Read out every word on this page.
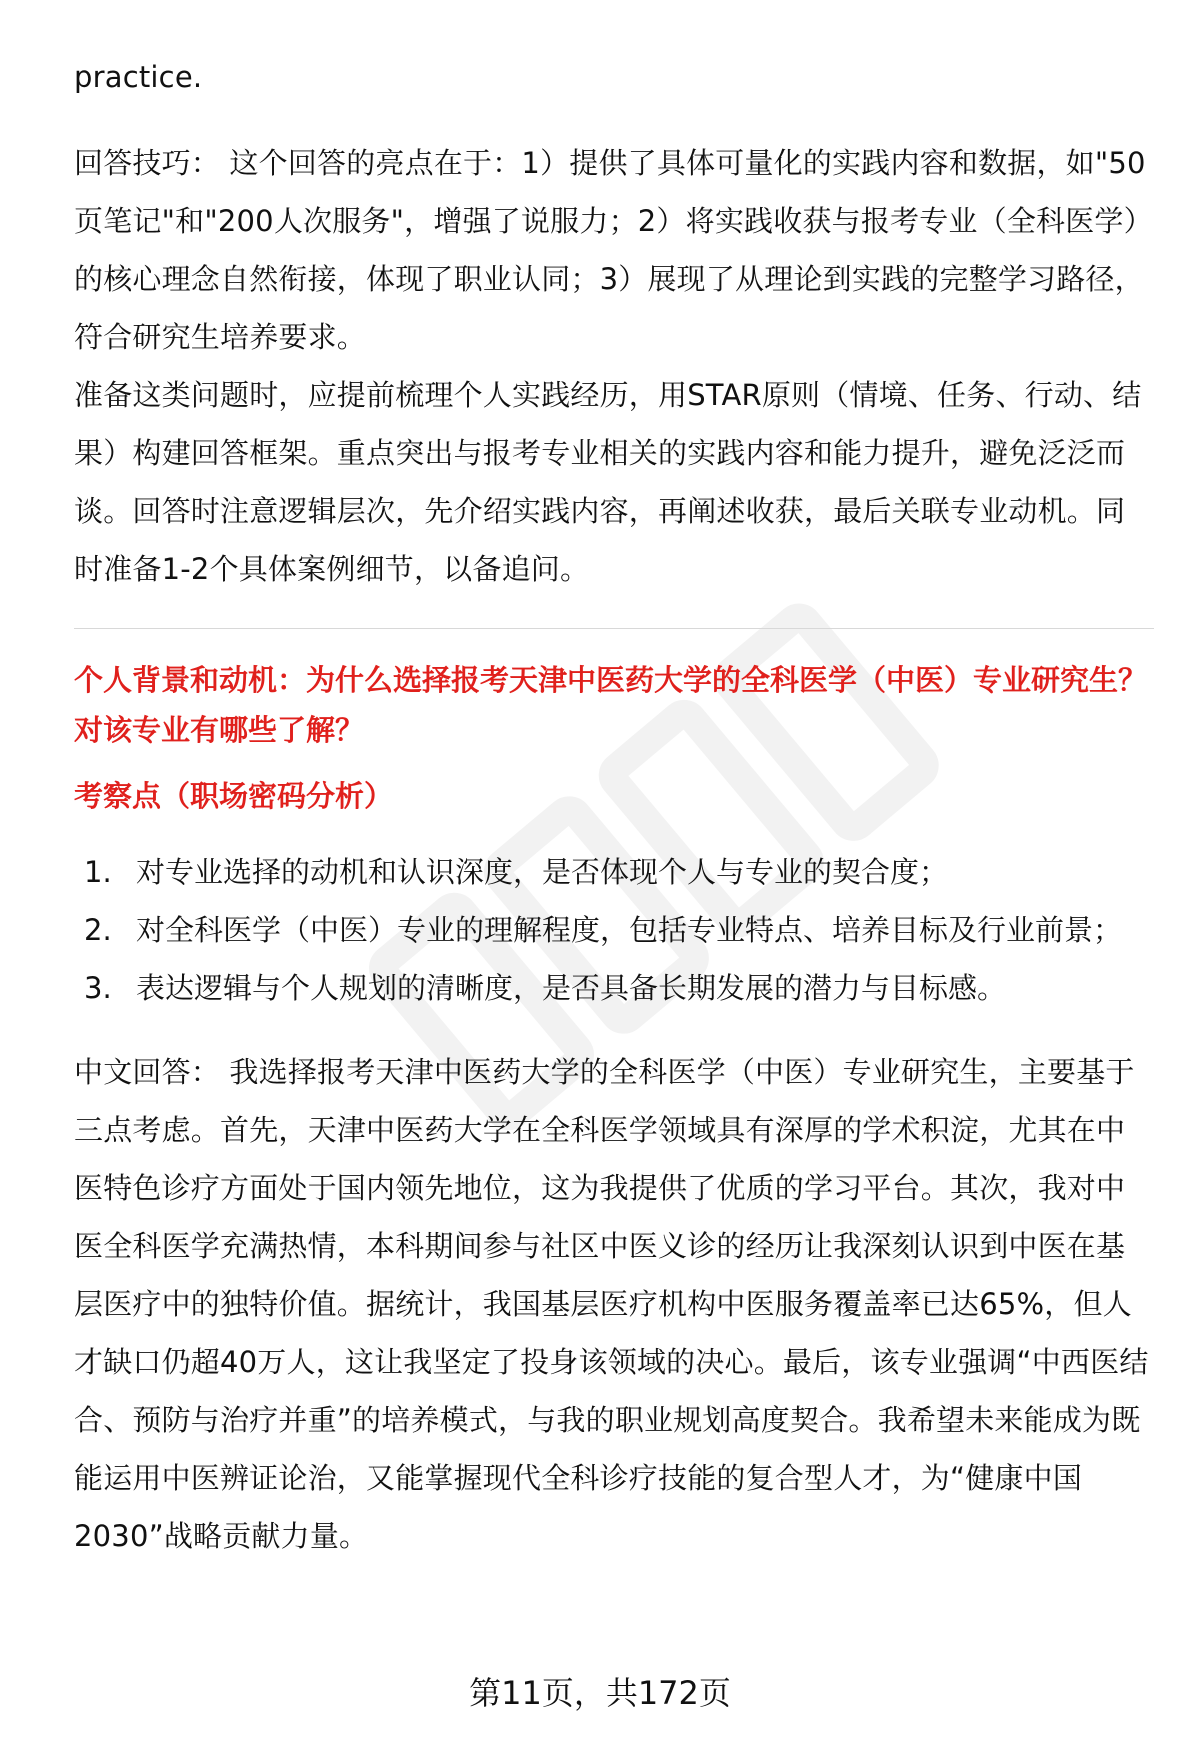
practice.

回答技巧： 这个回答的亮点在于：1）提供了具体可量化的实践内容和数据，如"50页笔记"和"200人次服务"，增强了说服力；2）将实践收获与报考专业（全科医学）的核心理念自然衔接，体现了职业认同；3）展现了从理论到实践的完整学习路径，符合研究生培养要求。

准备这类问题时，应提前梳理个人实践经历，用STAR原则（情境、任务、行动、结果）构建回答框架。重点突出与报考专业相关的实践内容和能力提升，避免泛泛而谈。回答时注意逻辑层次，先介绍实践内容，再阐述收获，最后关联专业动机。同时准备1-2个具体案例细节，以备追问。

个人背景和动机：为什么选择报考天津中医药大学的全科医学（中医）专业研究生？对该专业有哪些了解？

考察点（职场密码分析）

1. 对专业选择的动机和认识深度，是否体现个人与专业的契合度；
2. 对全科医学（中医）专业的理解程度，包括专业特点、培养目标及行业前景；
3. 表达逻辑与个人规划的清晰度，是否具备长期发展的潜力与目标感。

中文回答： 我选择报考天津中医药大学的全科医学（中医）专业研究生，主要基于三点考虑。首先，天津中医药大学在全科医学领域具有深厚的学术积淀，尤其在中医特色诊疗方面处于国内领先地位，这为我提供了优质的学习平台。其次，我对中医全科医学充满热情，本科期间参与社区中医义诊的经历让我深刻认识到中医在基层医疗中的独特价值。据统计，我国基层医疗机构中医服务覆盖率已达65%，但人才缺口仍超40万人，这让我坚定了投身该领域的决心。最后，该专业强调“中西医结合、预防与治疗并重”的培养模式，与我的职业规划高度契合。我希望未来能成为既能运用中医辨证论治，又能掌握现代全科诊疗技能的复合型人才，为“健康中国2030”战略贡献力量。

第11页，共172页
